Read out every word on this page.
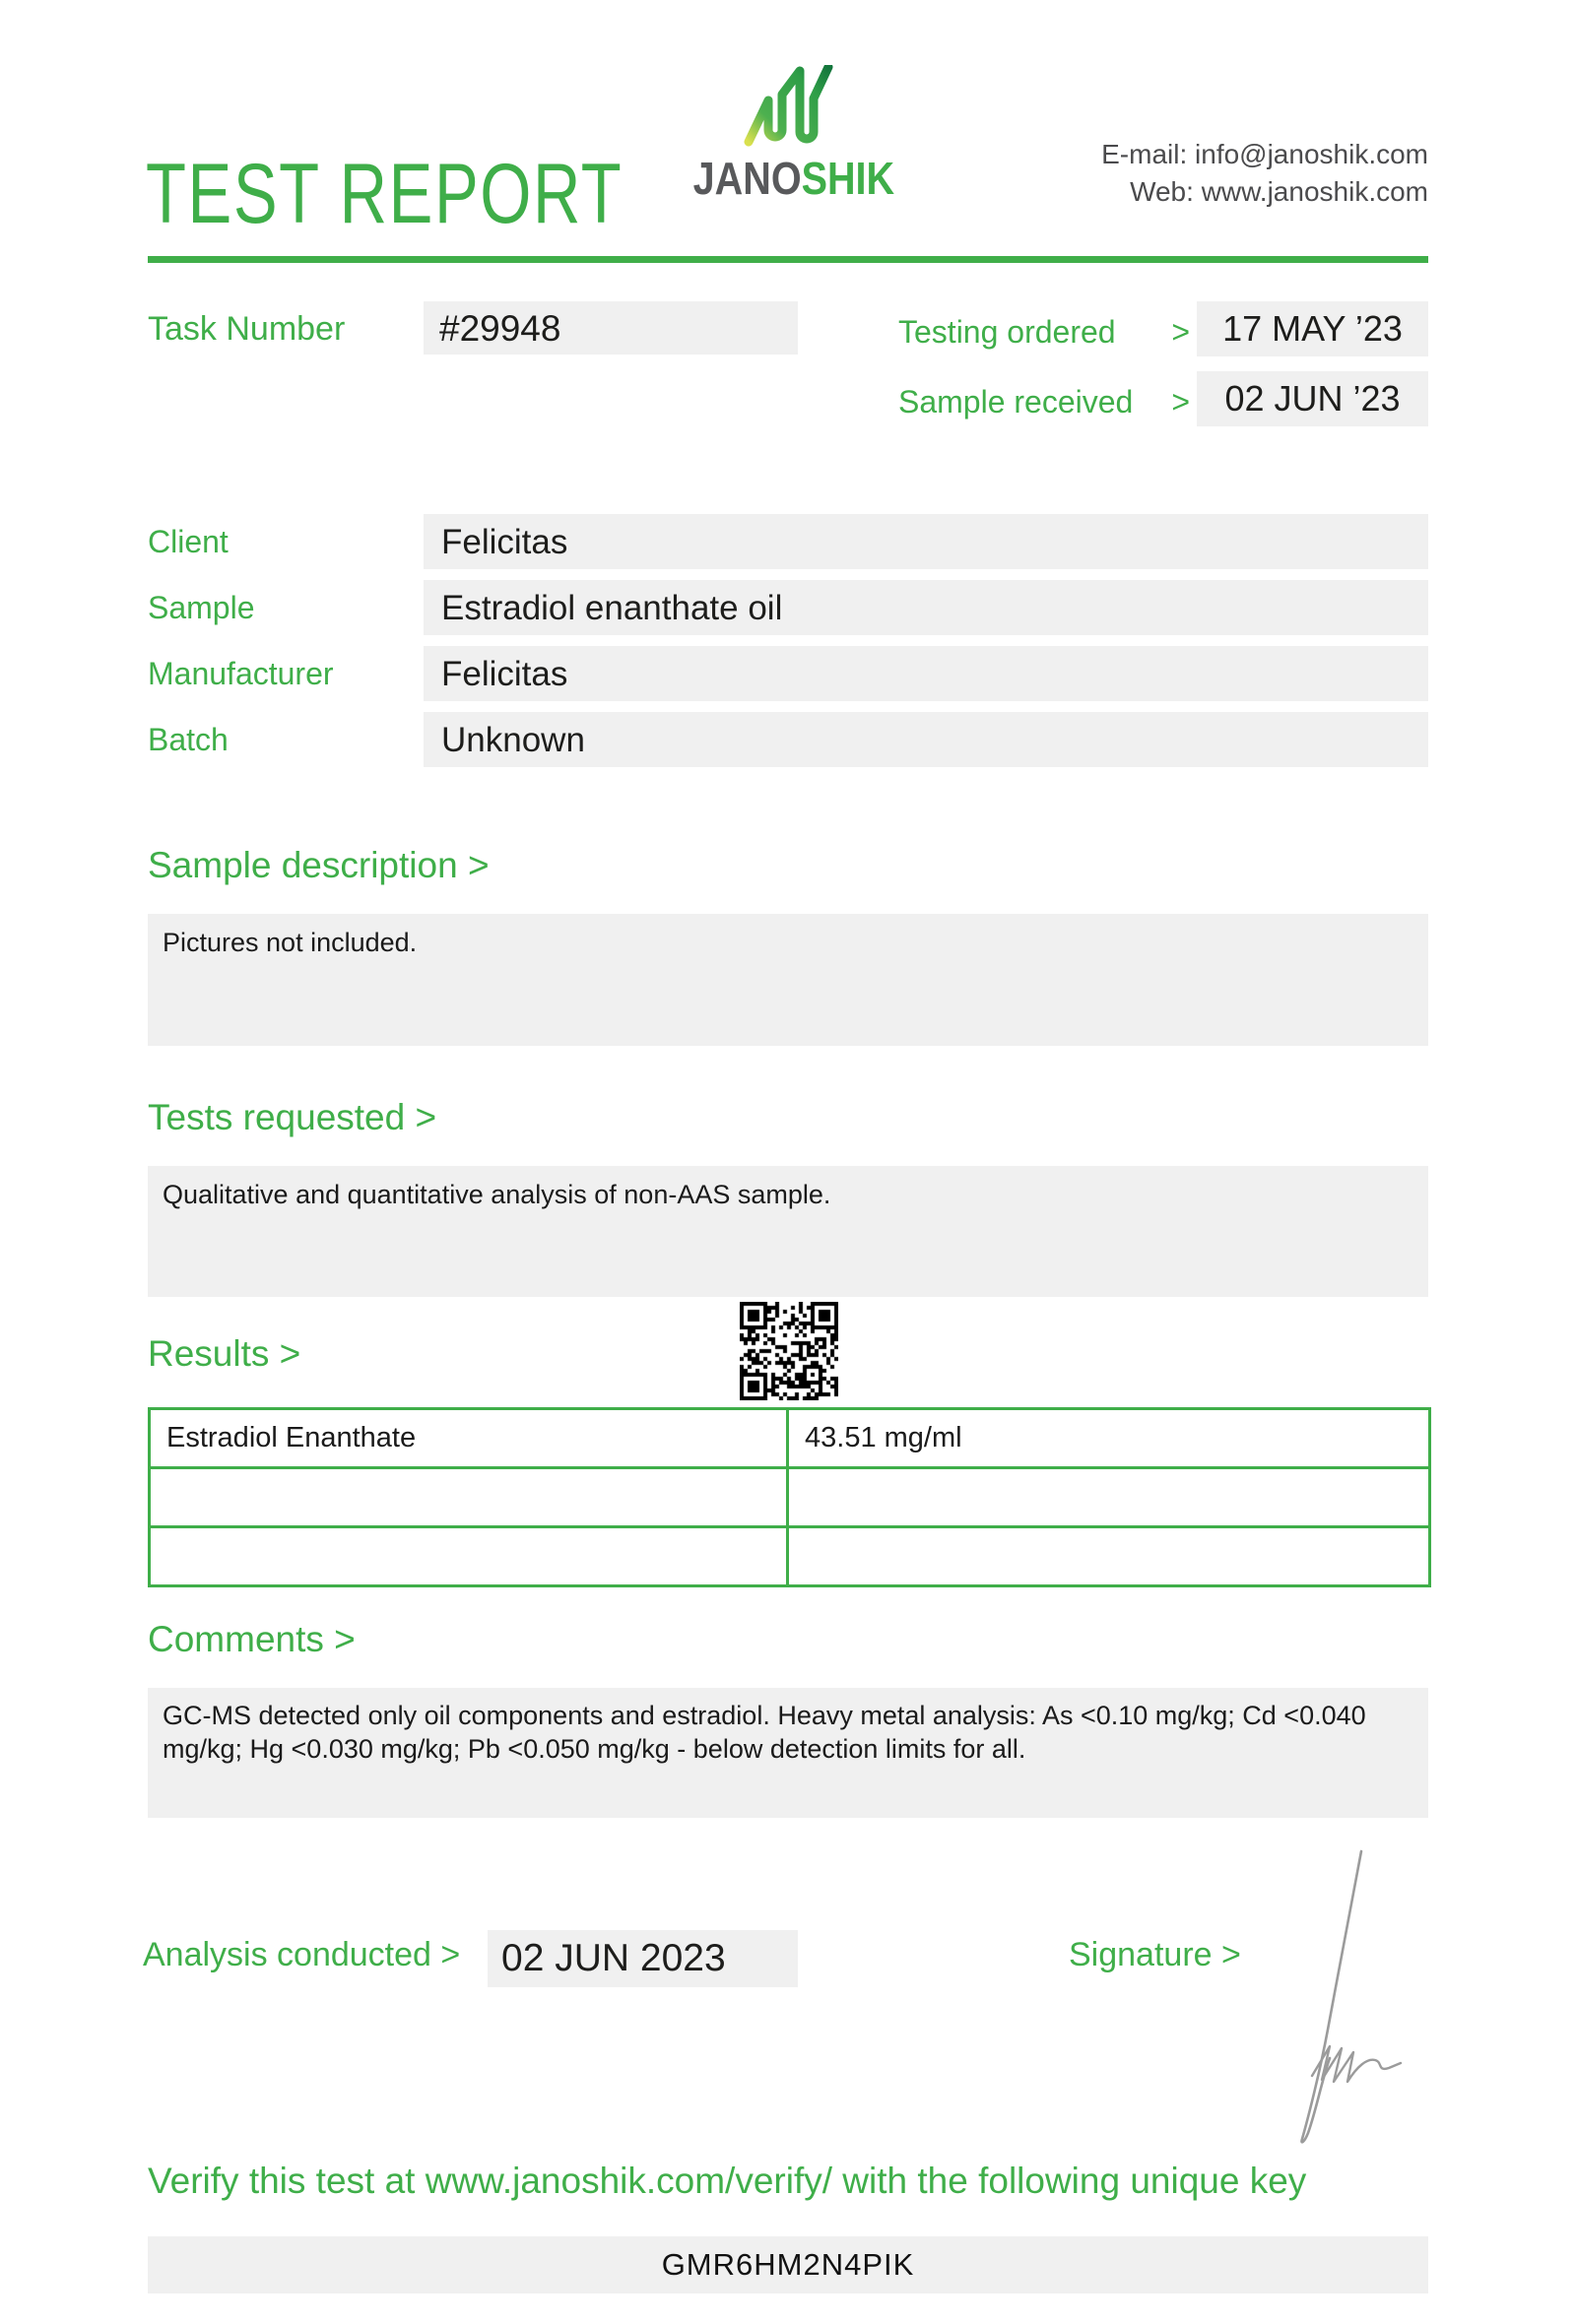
TEST REPORT JANOSHIK	E-mail: info@janoshik.com
Web: www.janoshik.com
Task Number	#29948	Testing ordered > 17 MAY ’23
Sample received > 02 JUN ’23
Client	Felicitas
Sample	Estradiol enanthate oil
Manufacturer	Felicitas
Batch	Unknown
Sample description >
Pictures not included.
Tests requested >
Qualitative and quantitative analysis of non-AAS sample.
Results >
Estradiol Enanthate	43.51 mg/ml

Comments >
GC-MS detected only oil components and estradiol. Heavy metal analysis: As <0.10 mg/kg; Cd <0.040 mg/kg; Hg <0.030 mg/kg; Pb <0.050 mg/kg - below detection limits for all.
Analysis conducted >	02 JUN 2023	Signature >
Verify this test at www.janoshik.com/verify/ with the following unique key
GMR6HM2N4PIK
